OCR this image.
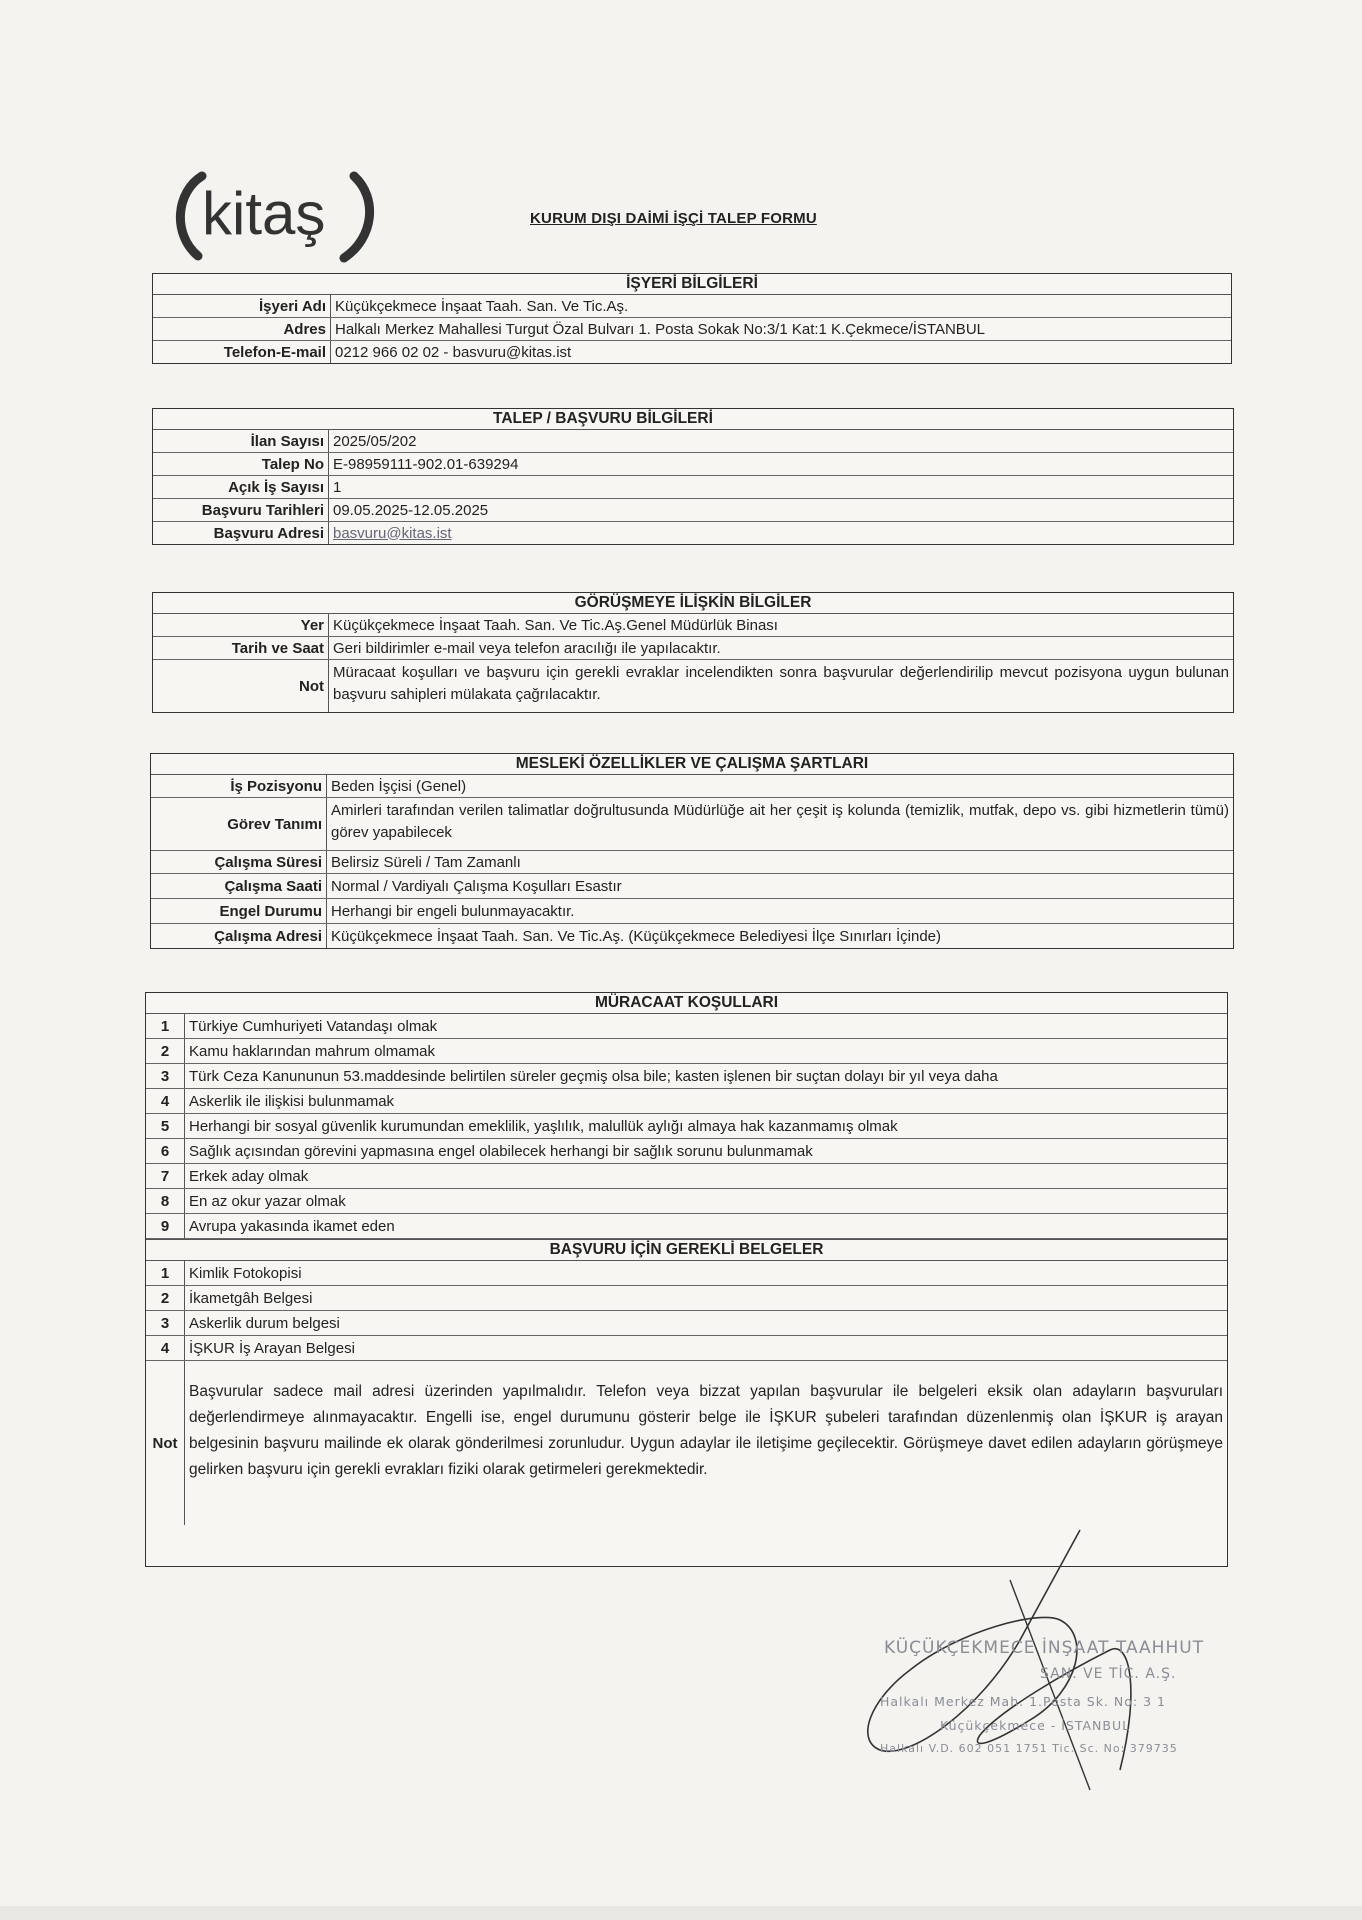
kitaş	KURUM DIŞI DAİMİ İŞÇİ TALEP FORMU
İŞYERİ BİLGİLERİ
İşyeri Adı Küçükçekmece İnşaat Taah. San. Ve Tic.Aş.
Adres Halkalı Merkez Mahallesi Turgut Özal Bulvarı 1. Posta Sokak No:3/1 Kat:1 K.Çekmece/İSTANBUL
Telefon-E-mail 0212 966 02 02 - basvuru@kitas.ist
TALEP / BAŞVURU BİLGİLERİ
İlan Sayısı 2025/05/202
Talep No E-98959111-902.01-639294
Açık İş Sayısı 1
Başvuru Tarihleri 09.05.2025-12.05.2025
Başvuru Adresi basvuru@kitas.ist
GÖRÜŞMEYE İLİŞKİN BİLGİLER
Yer Küçükçekmece İnşaat Taah. San. Ve Tic.Aş.Genel Müdürlük Binası
Tarih ve Saat Geri bildirimler e-mail veya telefon aracılığı ile yapılacaktır.
Not
Müracaat koşulları ve başvuru için gerekli evraklar incelendikten sonra başvurular değerlendirilip mevcut pozisyona uygun bulunan başvuru sahipleri mülakata çağrılacaktır.
MESLEKİ ÖZELLİKLER VE ÇALIŞMA ŞARTLARI
İş Pozisyonu Beden İşçisi (Genel)
Görev Tanımı
Amirleri tarafından verilen talimatlar doğrultusunda Müdürlüğe ait her çeşit iş kolunda (temizlik, mutfak, depo vs. gibi hizmetlerin tümü) görev yapabilecek
Çalışma Süresi Belirsiz Süreli / Tam Zamanlı
Çalışma Saati Normal / Vardiyalı Çalışma Koşulları Esastır
Engel Durumu Herhangi bir engeli bulunmayacaktır.
Çalışma Adresi Küçükçekmece İnşaat Taah. San. Ve Tic.Aş. (Küçükçekmece Belediyesi İlçe Sınırları İçinde)
MÜRACAAT KOŞULLARI
1	Türkiye Cumhuriyeti Vatandaşı olmak
2	Kamu haklarından mahrum olmamak
3	Türk Ceza Kanununun 53.maddesinde belirtilen süreler geçmiş olsa bile; kasten işlenen bir suçtan dolayı bir yıl veya daha
4	Askerlik ile ilişkisi bulunmamak
5	Herhangi bir sosyal güvenlik kurumundan emeklilik, yaşlılık, malullük aylığı almaya hak kazanmamış olmak
6	Sağlık açısından görevini yapmasına engel olabilecek herhangi bir sağlık sorunu bulunmamak
7	Erkek aday olmak
8	En az okur yazar olmak
9	Avrupa yakasında ikamet eden
BAŞVURU İÇİN GEREKLİ BELGELER
1	Kimlik Fotokopisi
2	İkametgâh Belgesi
3	Askerlik durum belgesi
4	İŞKUR İş Arayan Belgesi
Not
Başvurular sadece mail adresi üzerinden yapılmalıdır. Telefon veya bizzat yapılan başvurular ile belgeleri eksik olan adayların başvuruları değerlendirmeye alınmayacaktır. Engelli ise, engel durumunu gösterir belge ile İŞKUR şubeleri tarafından düzenlenmiş olan İŞKUR iş arayan belgesinin başvuru mailinde ek olarak gönderilmesi zorunludur. Uygun adaylar ile iletişime geçilecektir. Görüşmeye davet edilen adayların görüşmeye gelirken başvuru için gerekli evrakları fiziki olarak getirmeleri gerekmektedir.
KÜÇÜKÇEKMECE İNŞAAT TAAHHUT
SAN. VE TİC. A.Ş.
Halkalı Merkez Mah. 1.Posta Sk. No: 3 1
Küçükçekmece - İSTANBUL
Halkalı V.D. 602 051 1751 Tic. Sc. No: 379735
